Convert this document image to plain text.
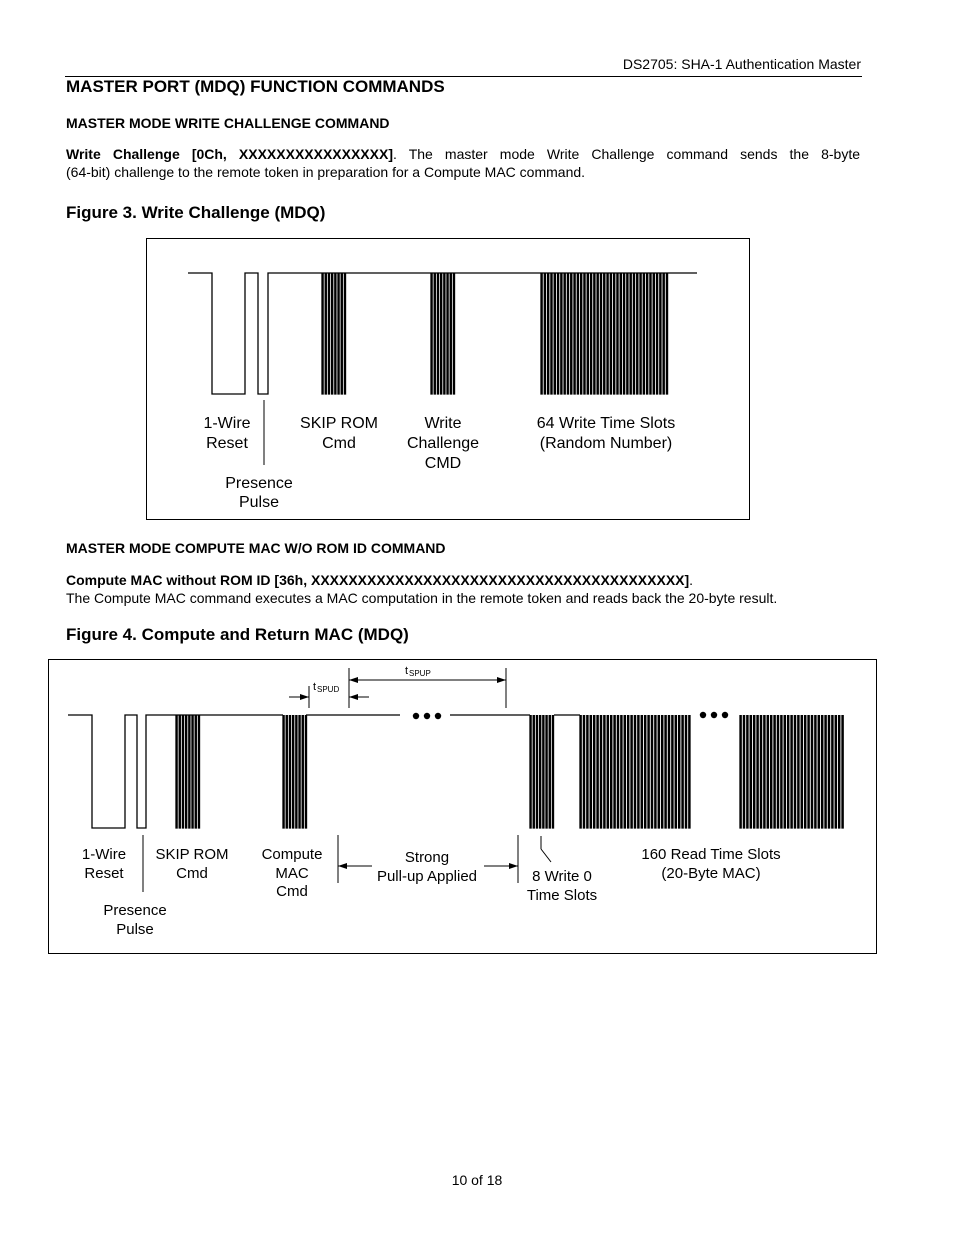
DS2705: SHA-1 Authentication Master
MASTER PORT (MDQ) FUNCTION COMMANDS
MASTER MODE WRITE CHALLENGE COMMAND
Write Challenge [0Ch, XXXXXXXXXXXXXXXX]. The master mode Write Challenge command sends the 8-byte
(64-bit) challenge to the remote token in preparation for a Compute MAC command.
Figure 3. Write Challenge (MDQ)
1-Wire
Reset
SKIP ROM
Cmd
Write
Challenge
CMD
64 Write Time Slots
(Random Number)
Presence
Pulse
MASTER MODE COMPUTE MAC W/O ROM ID COMMAND
Compute MAC without ROM ID [36h, XXXXXXXXXXXXXXXXXXXXXXXXXXXXXXXXXXXXXXXX].
The Compute MAC command executes a MAC computation in the remote token and reads back the 20-byte result.
Figure 4. Compute and Return MAC (MDQ)
t SPUP
t SPUD
1-Wire
Reset
SKIP ROM
Cmd
Compute
MAC
Cmd
Strong
Pull-up Applied	8 Write 0
Time Slots
160 Read Time Slots
(20-Byte MAC)
Presence
Pulse
10 of 18
